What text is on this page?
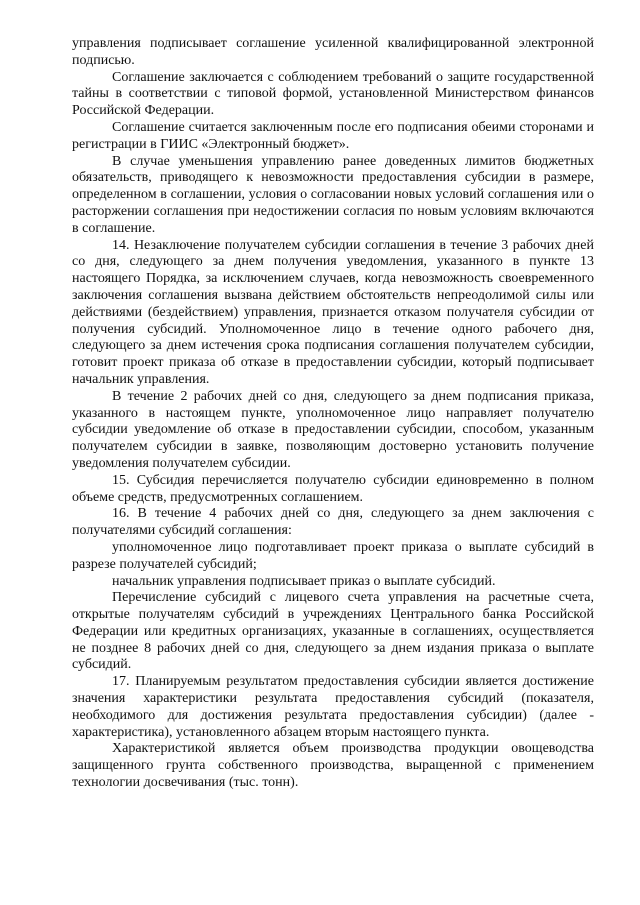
управления подписывает соглашение усиленной квалифицированной электронной подписью.

Соглашение заключается с соблюдением требований о защите государственной тайны в соответствии с типовой формой, установленной Министерством финансов Российской Федерации.

Соглашение считается заключенным после его подписания обеими сторонами и регистрации в ГИИС «Электронный бюджет».

В случае уменьшения управлению ранее доведенных лимитов бюджетных обязательств, приводящего к невозможности предоставления субсидии в размере, определенном в соглашении, условия о согласовании новых условий соглашения или о расторжении соглашения при недостижении согласия по новым условиям включаются в соглашение.

14. Незаключение получателем субсидии соглашения в течение 3 рабочих дней со дня, следующего за днем получения уведомления, указанного в пункте 13 настоящего Порядка, за исключением случаев, когда невозможность своевременного заключения соглашения вызвана действием обстоятельств непреодолимой силы или действиями (бездействием) управления, признается отказом получателя субсидии от получения субсидий. Уполномоченное лицо в течение одного рабочего дня, следующего за днем истечения срока подписания соглашения получателем субсидии, готовит проект приказа об отказе в предоставлении субсидии, который подписывает начальник управления.

В течение 2 рабочих дней со дня, следующего за днем подписания приказа, указанного в настоящем пункте, уполномоченное лицо направляет получателю субсидии уведомление об отказе в предоставлении субсидии, способом, указанным получателем субсидии в заявке, позволяющим достоверно установить получение уведомления получателем субсидии.

15. Субсидия перечисляется получателю субсидии единовременно в полном объеме средств, предусмотренных соглашением.

16. В течение 4 рабочих дней со дня, следующего за днем заключения с получателями субсидий соглашения:

уполномоченное лицо подготавливает проект приказа о выплате субсидий в разрезе получателей субсидий;

начальник управления подписывает приказ о выплате субсидий.

Перечисление субсидий с лицевого счета управления на расчетные счета, открытые получателям субсидий в учреждениях Центрального банка Российской Федерации или кредитных организациях, указанные в соглашениях, осуществляется не позднее 8 рабочих дней со дня, следующего за днем издания приказа о выплате субсидий.

17. Планируемым результатом предоставления субсидии является достижение значения характеристики результата предоставления субсидий (показателя, необходимого для достижения результата предоставления субсидии) (далее - характеристика), установленного абзацем вторым настоящего пункта.

Характеристикой является объем производства продукции овощеводства защищенного грунта собственного производства, выращенной с применением технологии досвечивания (тыс. тонн).
